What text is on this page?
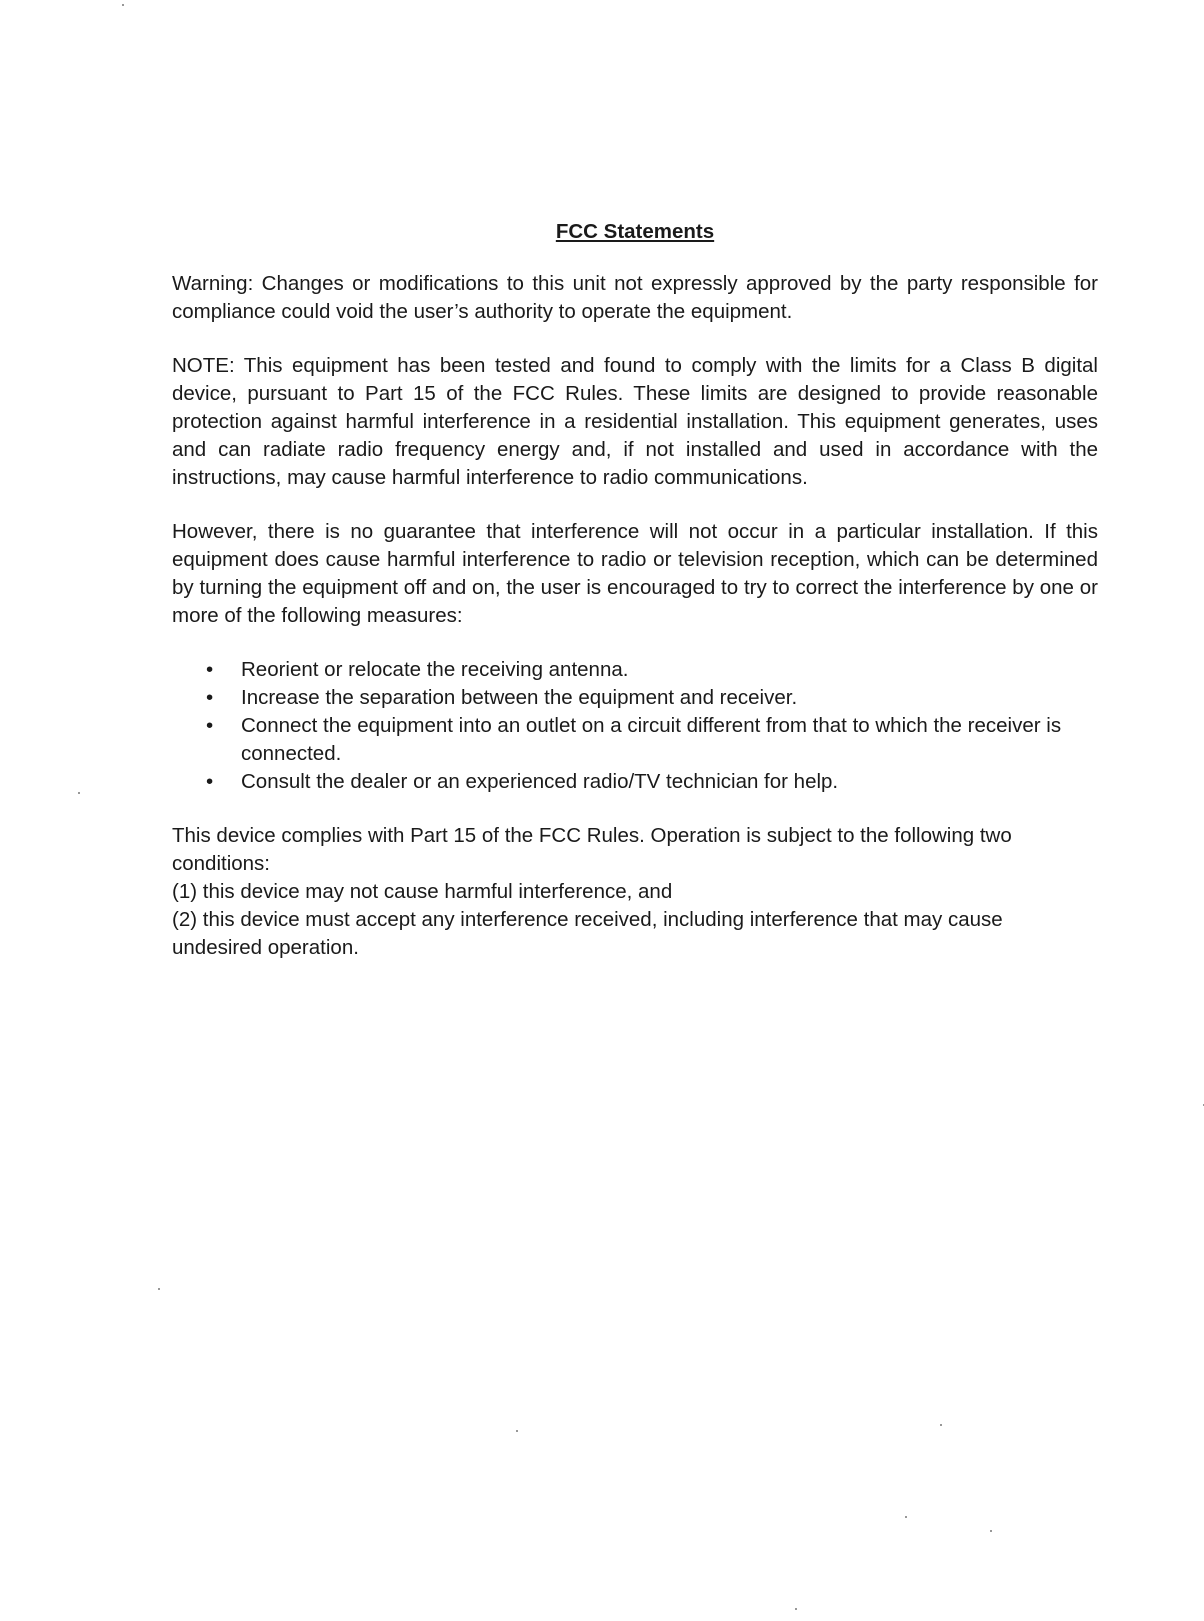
FCC Statements

Warning: Changes or modifications to this unit not expressly approved by the party responsible for compliance could void the user’s authority to operate the equipment.

NOTE: This equipment has been tested and found to comply with the limits for a Class B digital device, pursuant to Part 15 of the FCC Rules. These limits are designed to provide reasonable protection against harmful interference in a residential installation. This equipment generates, uses and can radiate radio frequency energy and, if not installed and used in accordance with the instructions, may cause harmful interference to radio communications.

However, there is no guarantee that interference will not occur in a particular installation. If this equipment does cause harmful interference to radio or television reception, which can be determined by turning the equipment off and on, the user is encouraged to try to correct the interference by one or more of the following measures:

• Reorient or relocate the receiving antenna.
• Increase the separation between the equipment and receiver.
• Connect the equipment into an outlet on a circuit different from that to which the receiver is connected.
• Consult the dealer or an experienced radio/TV technician for help.
This device complies with Part 15 of the FCC Rules. Operation is subject to the following two conditions:
(1) this device may not cause harmful interference, and
(2) this device must accept any interference received, including interference that may cause undesired operation.
